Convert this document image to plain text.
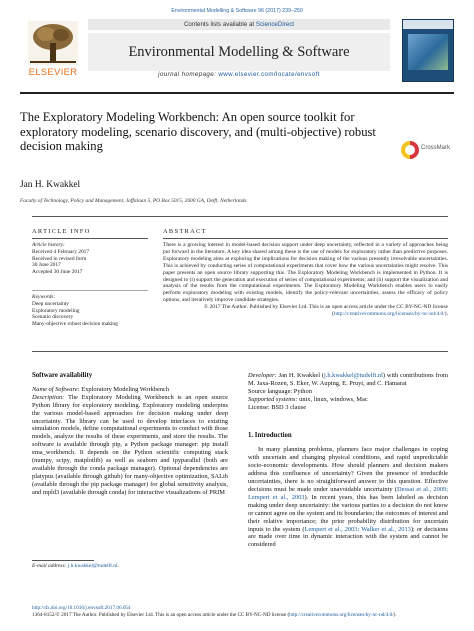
Environmental Modelling & Software 96 (2017) 239–250
ELSEVIER
Contents lists available at ScienceDirect
Environmental Modelling & Software
journal homepage: www.elsevier.com/locate/envsoft
The Exploratory Modeling Workbench: An open source toolkit for exploratory modeling, scenario discovery, and (multi-objective) robust decision making	CrossMark
Jan H. Kwakkel
Faculty of Technology, Policy and Management, Jaffalaan 5, PO Box 5015, 2600 GA, Delft, Netherlands
ARTICLE INFO
Article history:
Received 4 February 2017
Received in revised form
30 June 2017
Accepted 30 June 2017
Keywords:
Deep uncertainty
Exploratory modeling
Scenario discovery
Many-objective robust decision making
ABSTRACT
There is a growing interest in model-based decision support under deep uncertainty, reflected in a variety of approaches being put forward in the literature. A key idea shared among these is the use of models for exploratory rather than predictive purposes. Exploratory modeling aims at exploring the implications for decision making of the various presently irresolvable uncertainties. This is achieved by conducting series of computational experiments that cover how the various uncertainties might resolve. This paper presents an open source library supporting this. The Exploratory Modeling Workbench is implemented in Python. It is designed to (i) support the generation and execution of series of computational experiments; and (ii) support the visualization and analysis of the results from the computational experiments. The Exploratory Modeling Workbench enables users to easily perform exploratory modeling with existing models, identify the policy-relevant uncertainties, assess the efficacy of policy options, and iteratively improve candidate strategies.
© 2017 The Author. Published by Elsevier Ltd. This is an open access article under the CC BY-NC-ND license (http://creativecommons.org/licenses/by-nc-nd/4.0/).
Software availability

Name of Software: Exploratory Modeling Workbench

Description: The Exploratory Modeling Workbench is an open source Python library for exploratory modeling. Exploratory modeling underpins the various model-based approaches for decision making under deep uncertainty. The library can be used to develop interfaces to existing simulation models, define computational experiments to conduct with those models, analyze the results of these experiments, and store the results. The software is available through pip, a Python package manager: pip install ema_workbench. It depends on the Python scientific computing stack (numpy, scipy, matplotlib) as well as seaborn and ipyparallel (both are available through the conda package manager). Optional dependencies are platypus (available through github) for many-objective optimization, SALib (available through the pip package manager) for global sensitivity analysis, and mpld3 (available through conda) for interactive visualizations of PRIM

Developer: Jan H. Kwakkel (j.h.kwakkel@tudelft.nl) with contributions from M. Jaxa-Rozen, S. Eker, W. Auping, E. Pruyt, and C. Hamarat

Source language: Python

Supported systems: unix, linux, windows, Mac

License: BSD 3 clause

1. Introduction

In many planning problems, planners face major challenges in coping with uncertain and changing physical conditions, and rapid unpredictable socio-economic developments. How should planners and decision makers address this confluence of uncertainty? Given the presence of irreducible uncertainties, there is no straightforward answer to this question. Effective decisions must be made under unavoidable uncertainty (Dessai et al., 2009; Lempert et al., 2003). In recent years, this has been labeled as decision making under deep uncertainty: the various parties to a decision do not know or cannot agree on the system and its boundaries; the outcomes of interest and their relative importance; the prior probability distribution for uncertain inputs to the system (Lempert et al., 2003; Walker et al., 2013); or decisions are made over time in dynamic interaction with the system and cannot be considered

E-mail address: j.h.kwakkel@tudelft.nl.
http://dx.doi.org/10.1016/j.envsoft.2017.06.054
1364-8152/© 2017 The Author. Published by Elsevier Ltd. This is an open access article under the CC BY-NC-ND license (http://creativecommons.org/licenses/by-nc-nd/4.0/).
